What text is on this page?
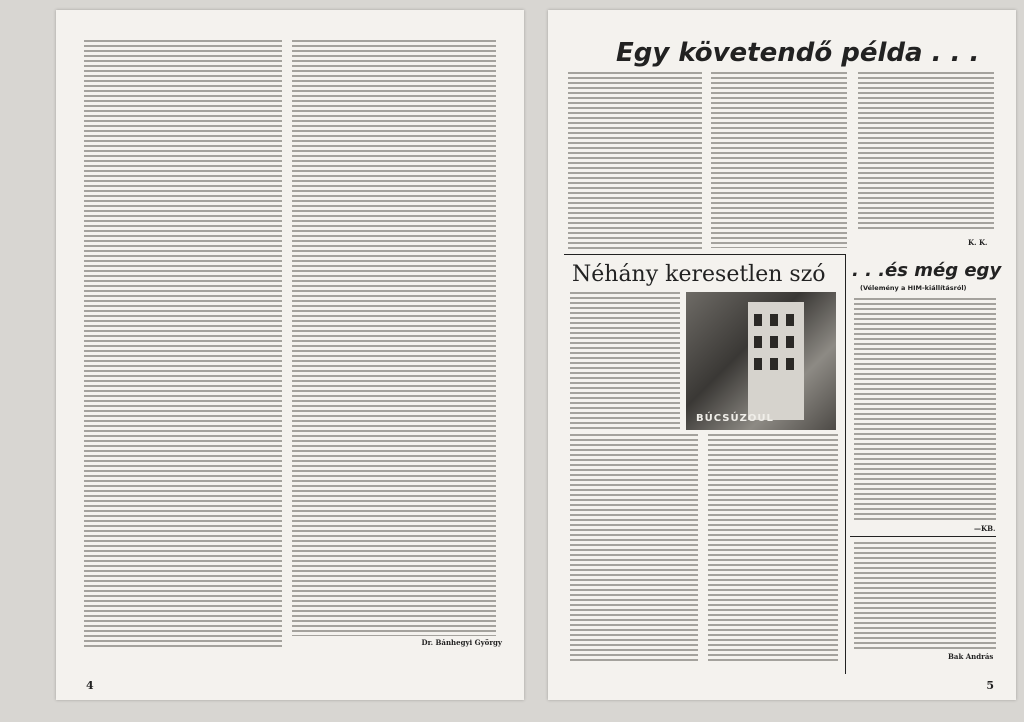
Dr. Bánhegyi György
4
Egy követendő példa . . .
K. K.
Néhány keresetlen szó
BÚCSÚZOUL
. . .és még egy
(Vélemény a HIM-kiállításról)
—KB.
Bak András
5
